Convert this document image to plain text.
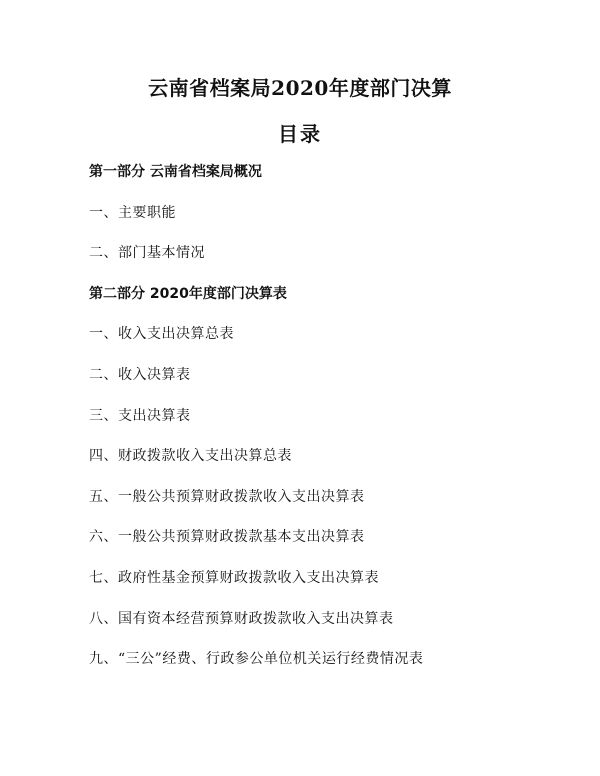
云南省档案局2020年度部门决算
目录
第一部分 云南省档案局概况
一、主要职能
二、部门基本情况
第二部分 2020年度部门决算表
一、收入支出决算总表
二、收入决算表
三、支出决算表
四、财政拨款收入支出决算总表
五、一般公共预算财政拨款收入支出决算表
六、一般公共预算财政拨款基本支出决算表
七、政府性基金预算财政拨款收入支出决算表
八、国有资本经营预算财政拨款收入支出决算表
九、“三公”经费、行政参公单位机关运行经费情况表
